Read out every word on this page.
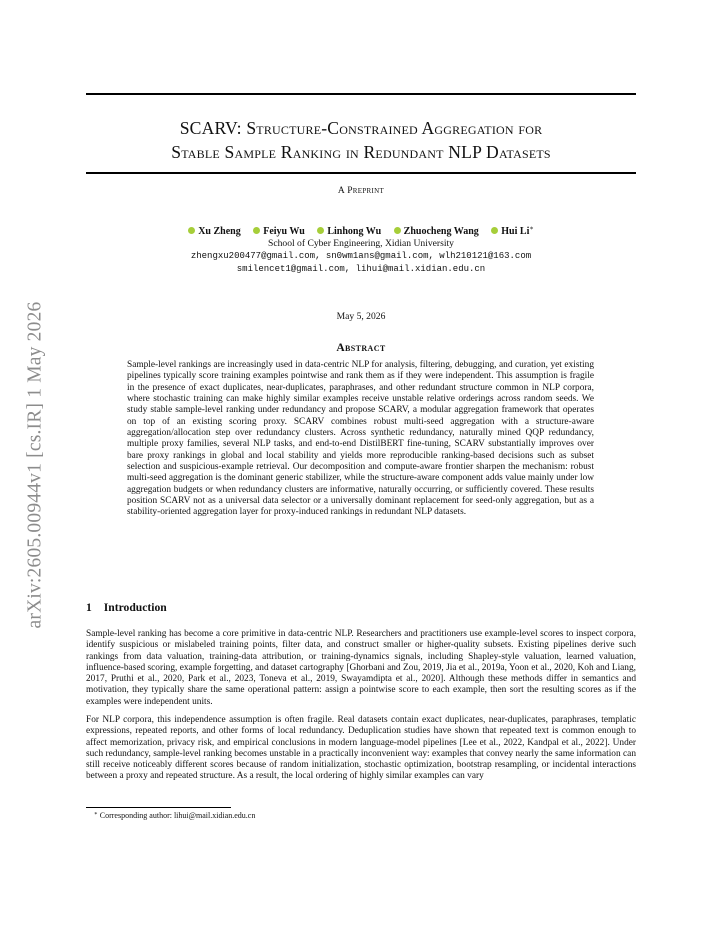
arXiv:2605.00944v1 [cs.IR] 1 May 2026
SCARV: Structure-Constrained Aggregation for
Stable Sample Ranking in Redundant NLP Datasets
A Preprint
Xu Zheng Feiyu Wu Linhong Wu Zhuocheng Wang Hui Li∗
School of Cyber Engineering, Xidian University
zhengxu200477@gmail.com, sn0wm1ans@gmail.com, wlh210121@163.com
smilencet1@gmail.com, lihui@mail.xidian.edu.cn
May 5, 2026
Abstract

Sample-level rankings are increasingly used in data-centric NLP for analysis, filtering, debugging, and curation, yet existing pipelines typically score training examples pointwise and rank them as if they were independent. This assumption is fragile in the presence of exact duplicates, near-duplicates, paraphrases, and other redundant structure common in NLP corpora, where stochastic training can make highly similar examples receive unstable relative orderings across random seeds. We study stable sample-level ranking under redundancy and propose SCARV, a modular aggregation framework that operates on top of an existing scoring proxy. SCARV combines robust multi-seed aggregation with a structure-aware aggregation/allocation step over redundancy clusters. Across synthetic redundancy, naturally mined QQP redundancy, multiple proxy families, several NLP tasks, and end-to-end DistilBERT fine-tuning, SCARV substantially improves over bare proxy rankings in global and local stability and yields more reproducible ranking-based decisions such as subset selection and suspicious-example retrieval. Our decomposition and compute-aware frontier sharpen the mechanism: robust multi-seed aggregation is the dominant generic stabilizer, while the structure-aware component adds value mainly under low aggregation budgets or when redundancy clusters are informative, naturally occurring, or sufficiently covered. These results position SCARV not as a universal data selector or a universally dominant replacement for seed-only aggregation, but as a stability-oriented aggregation layer for proxy-induced rankings in redundant NLP datasets.

1 Introduction

Sample-level ranking has become a core primitive in data-centric NLP. Researchers and practitioners use example-level scores to inspect corpora, identify suspicious or mislabeled training points, filter data, and construct smaller or higher-quality subsets. Existing pipelines derive such rankings from data valuation, training-data attribution, or training-dynamics signals, including Shapley-style valuation, learned valuation, influence-based scoring, example forgetting, and dataset cartography [Ghorbani and Zou, 2019, Jia et al., 2019a, Yoon et al., 2020, Koh and Liang, 2017, Pruthi et al., 2020, Park et al., 2023, Toneva et al., 2019, Swayamdipta et al., 2020]. Although these methods differ in semantics and motivation, they typically share the same operational pattern: assign a pointwise score to each example, then sort the resulting scores as if the examples were independent units.

For NLP corpora, this independence assumption is often fragile. Real datasets contain exact duplicates, near-duplicates, paraphrases, templatic expressions, repeated reports, and other forms of local redundancy. Deduplication studies have shown that repeated text is common enough to affect memorization, privacy risk, and empirical conclusions in modern language-model pipelines [Lee et al., 2022, Kandpal et al., 2022]. Under such redundancy, sample-level ranking becomes unstable in a practically inconvenient way: examples that convey nearly the same information can still receive noticeably different scores because of random initialization, stochastic optimization, bootstrap resampling, or incidental interactions between a proxy and repeated structure. As a result, the local ordering of highly similar examples can vary

∗ Corresponding author: lihui@mail.xidian.edu.cn
